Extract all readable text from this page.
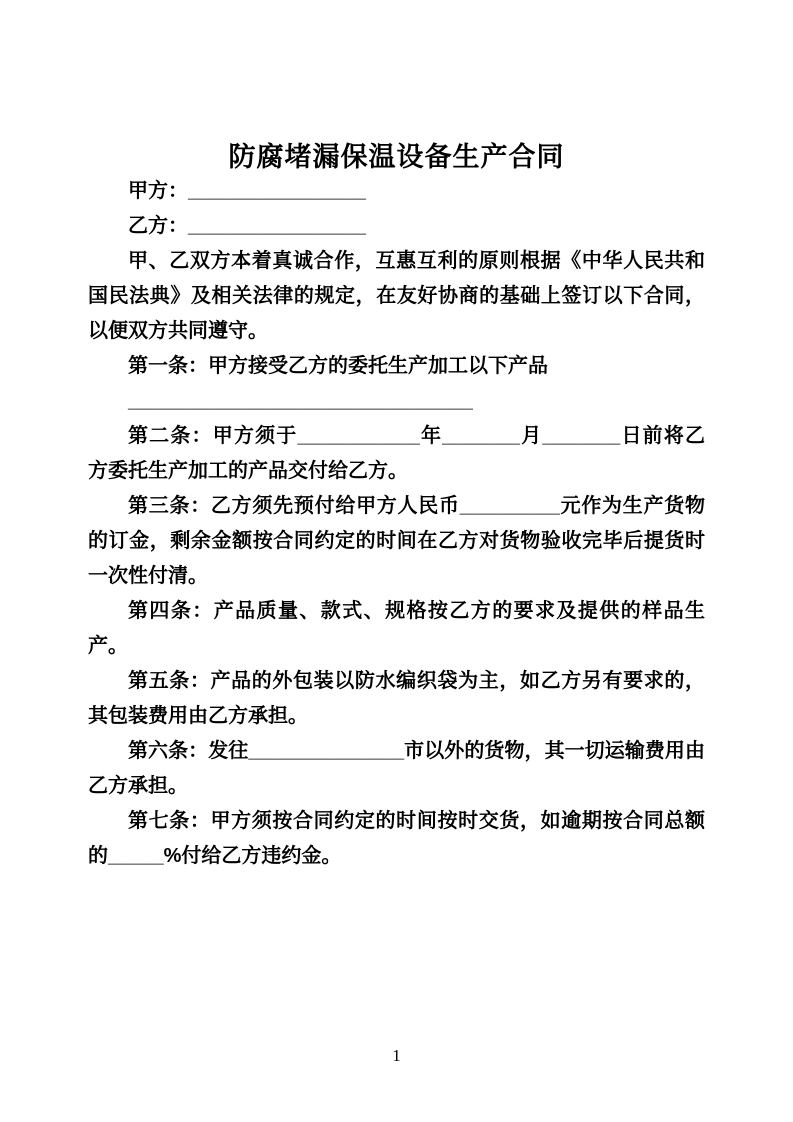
防腐堵漏保温设备生产合同

甲方：________________

乙方：________________

甲、乙双方本着真诚合作，互惠互利的原则根据《中华人民共和国民法典》及相关法律的规定，在友好协商的基础上签订以下合同，以便双方共同遵守。

第一条：甲方接受乙方的委托生产加工以下产品

_______________________________

第二条：甲方须于___________年_______月_______日前将乙方委托生产加工的产品交付给乙方。

第三条：乙方须先预付给甲方人民币_________元作为生产货物的订金，剩余金额按合同约定的时间在乙方对货物验收完毕后提货时一次性付清。

第四条：产品质量、款式、规格按乙方的要求及提供的样品生产。

第五条：产品的外包装以防水编织袋为主，如乙方另有要求的，其包装费用由乙方承担。

第六条：发往______________市以外的货物，其一切运输费用由乙方承担。

第七条：甲方须按合同约定的时间按时交货，如逾期按合同总额的_____%付给乙方违约金。

1
